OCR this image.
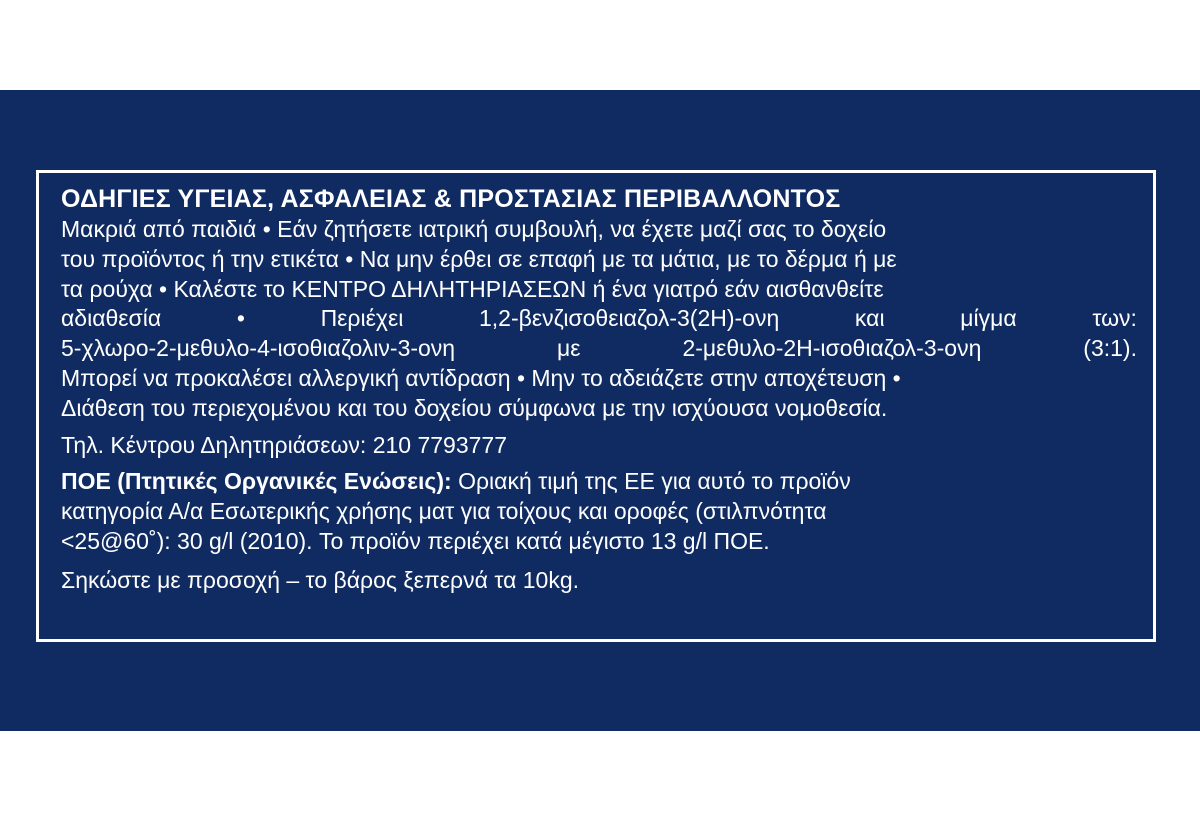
ΟΔΗΓΙΕΣ ΥΓΕΙΑΣ, ΑΣΦΑΛΕΙΑΣ & ΠΡΟΣΤΑΣΙΑΣ ΠΕΡΙΒΑΛΛΟΝΤΟΣ
Μακριά από παιδιά • Εάν ζητήσετε ιατρική συμβουλή, να έχετε μαζί σας το δοχείο
του προϊόντος ή την ετικέτα • Να μην έρθει σε επαφή με τα μάτια, με το δέρμα ή με
τα ρούχα • Καλέστε το ΚΕΝΤΡΟ ΔΗΛΗΤΗΡΙΑΣΕΩΝ ή ένα γιατρό εάν αισθανθείτε
αδιαθεσία	•	Περιέχει	1,2-βενζισοθειαζολ-3(2Η)-ονη	και	μίγμα	των:
5-χλωρο-2-μεθυλο-4-ισοθιαζολιν-3-ονη	με	2-μεθυλο-2Η-ισοθιαζολ-3-ονη	(3:1).
Μπορεί να προκαλέσει αλλεργική αντίδραση • Μην το αδειάζετε στην αποχέτευση •
Διάθεση του περιεχομένου και του δοχείου σύμφωνα με την ισχύουσα νομοθεσία.
Τηλ. Κέντρου Δηλητηριάσεων: 210 7793777
ΠΟΕ (Πτητικές Οργανικές Ενώσεις): Οριακή τιμή της ΕΕ για αυτό το προϊόν
κατηγορία Α/α Εσωτερικής χρήσης ματ για τοίχους και οροφές (στιλπνότητα
<25@60˚): 30 g/l (2010). Το προϊόν περιέχει κατά μέγιστο 13 g/l ΠΟΕ.
Σηκώστε με προσοχή – το βάρος ξεπερνά τα 10kg.
